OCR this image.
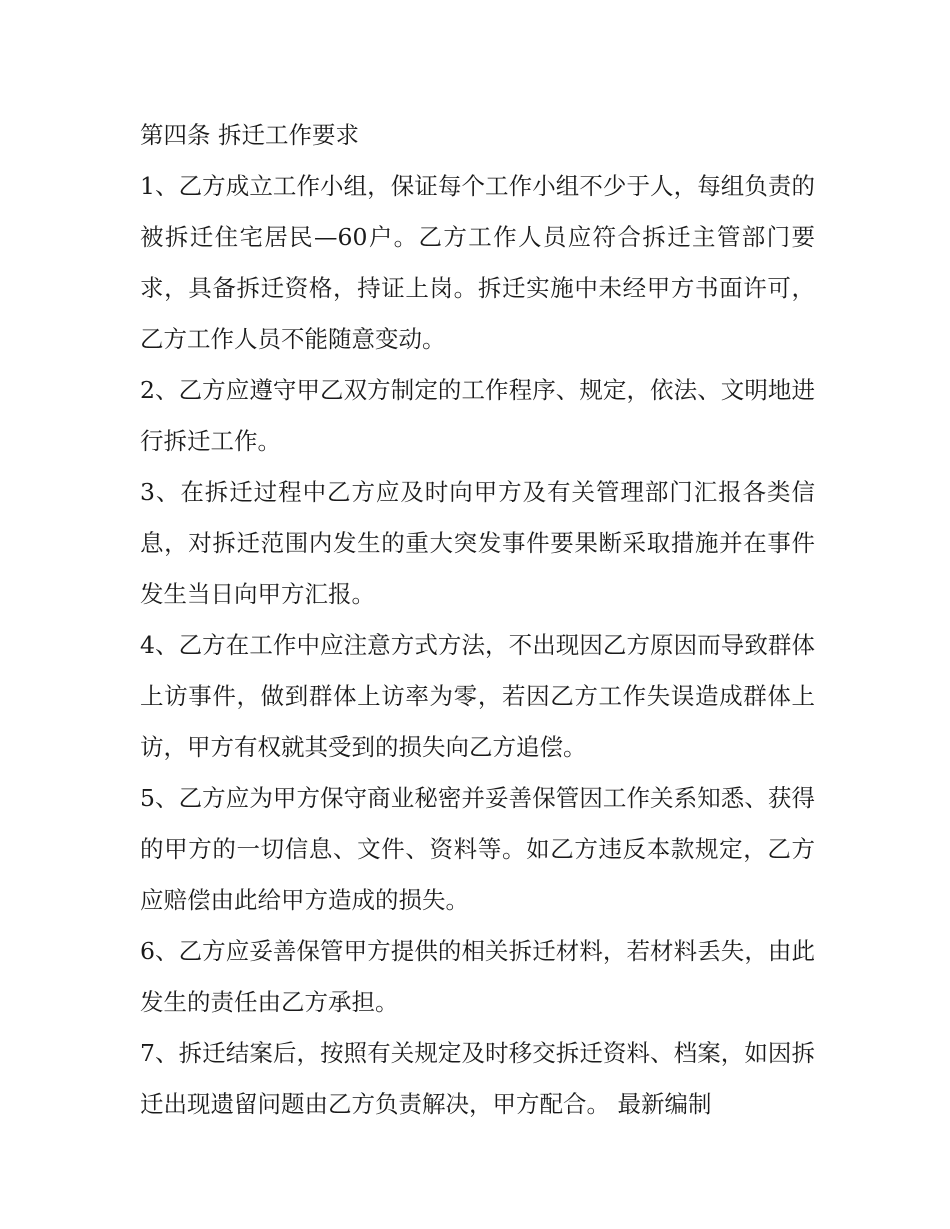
第四条 拆迁工作要求

1、乙方成立工作小组，保证每个工作小组不少于人，每组负责的被拆迁住宅居民—60户。乙方工作人员应符合拆迁主管部门要求，具备拆迁资格，持证上岗。拆迁实施中未经甲方书面许可，乙方工作人员不能随意变动。

2、乙方应遵守甲乙双方制定的工作程序、规定，依法、文明地进行拆迁工作。

3、在拆迁过程中乙方应及时向甲方及有关管理部门汇报各类信息，对拆迁范围内发生的重大突发事件要果断采取措施并在事件发生当日向甲方汇报。

4、乙方在工作中应注意方式方法，不出现因乙方原因而导致群体上访事件，做到群体上访率为零，若因乙方工作失误造成群体上访，甲方有权就其受到的损失向乙方追偿。

5、乙方应为甲方保守商业秘密并妥善保管因工作关系知悉、获得的甲方的一切信息、文件、资料等。如乙方违反本款规定，乙方应赔偿由此给甲方造成的损失。

6、乙方应妥善保管甲方提供的相关拆迁材料，若材料丢失，由此发生的责任由乙方承担。

7、拆迁结案后，按照有关规定及时移交拆迁资料、档案，如因拆迁出现遗留问题由乙方负责解决，甲方配合。 最新编制
